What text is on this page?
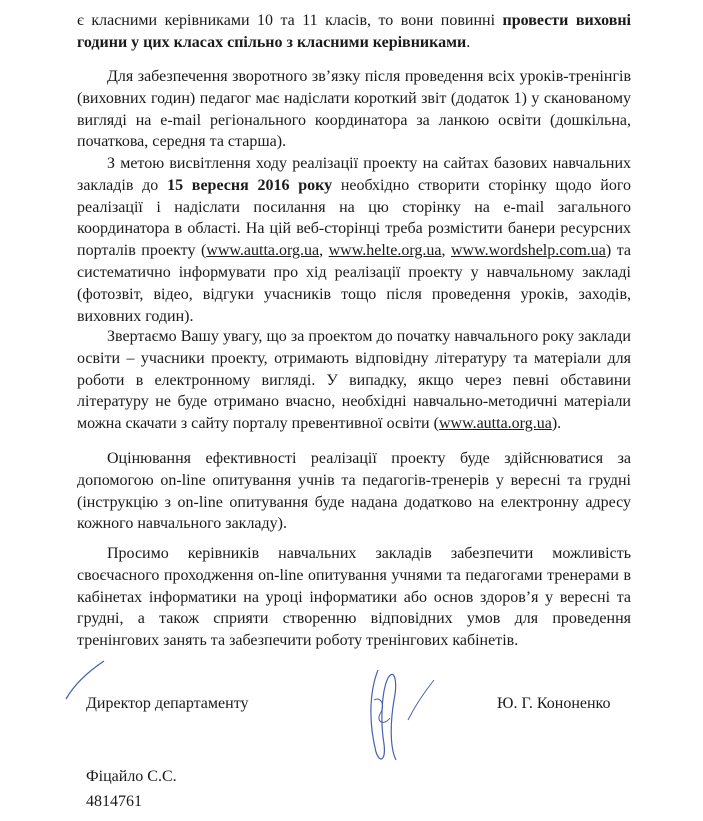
є класними керівниками 10 та 11 класів, то вони повинні провести виховні години у цих класах спільно з класними керівниками.

Для забезпечення зворотного зв’язку після проведення всіх уроків-тренінгів (виховних годин) педагог має надіслати короткий звіт (додаток 1) у сканованому вигляді на e-mail регіонального координатора за ланкою освіти (дошкільна, початкова, середня та старша).

З метою висвітлення ходу реалізації проекту на сайтах базових навчальних закладів до 15 вересня 2016 року необхідно створити сторінку щодо його реалізації і надіслати посилання на цю сторінку на e-mail загального координатора в області. На цій веб-сторінці треба розмістити банери ресурсних порталів проекту (www.autta.org.ua, www.helte.org.ua, www.wordshelp.com.ua) та систематично інформувати про хід реалізації проекту у навчальному закладі (фотозвіт, відео, відгуки учасників тощо після проведення уроків, заходів, виховних годин).

Звертаємо Вашу увагу, що за проектом до початку навчального року заклади освіти – учасники проекту, отримають відповідну літературу та матеріали для роботи в електронному вигляді. У випадку, якщо через певні обставини літературу не буде отримано вчасно, необхідні навчально-методичні матеріали можна скачати з сайту порталу превентивної освіти (www.autta.org.ua).

Оцінювання ефективності реалізації проекту буде здійснюватися за допомогою on-line опитування учнів та педагогів-тренерів у вересні та грудні (інструкцію з on-line опитування буде надана додатково на електронну адресу кожного навчального закладу).

Просимо керівників навчальних закладів забезпечити можливість своєчасного проходження on-line опитування учнями та педагогами тренерами в кабінетах інформатики на уроці інформатики або основ здоров’я у вересні та грудні, а також сприяти створенню відповідних умов для проведення тренінгових занять та забезпечити роботу тренінгових кабінетів.

Директор департаменту	Ю. Г. Кононенко

Фіцайло С.С.

4814761
